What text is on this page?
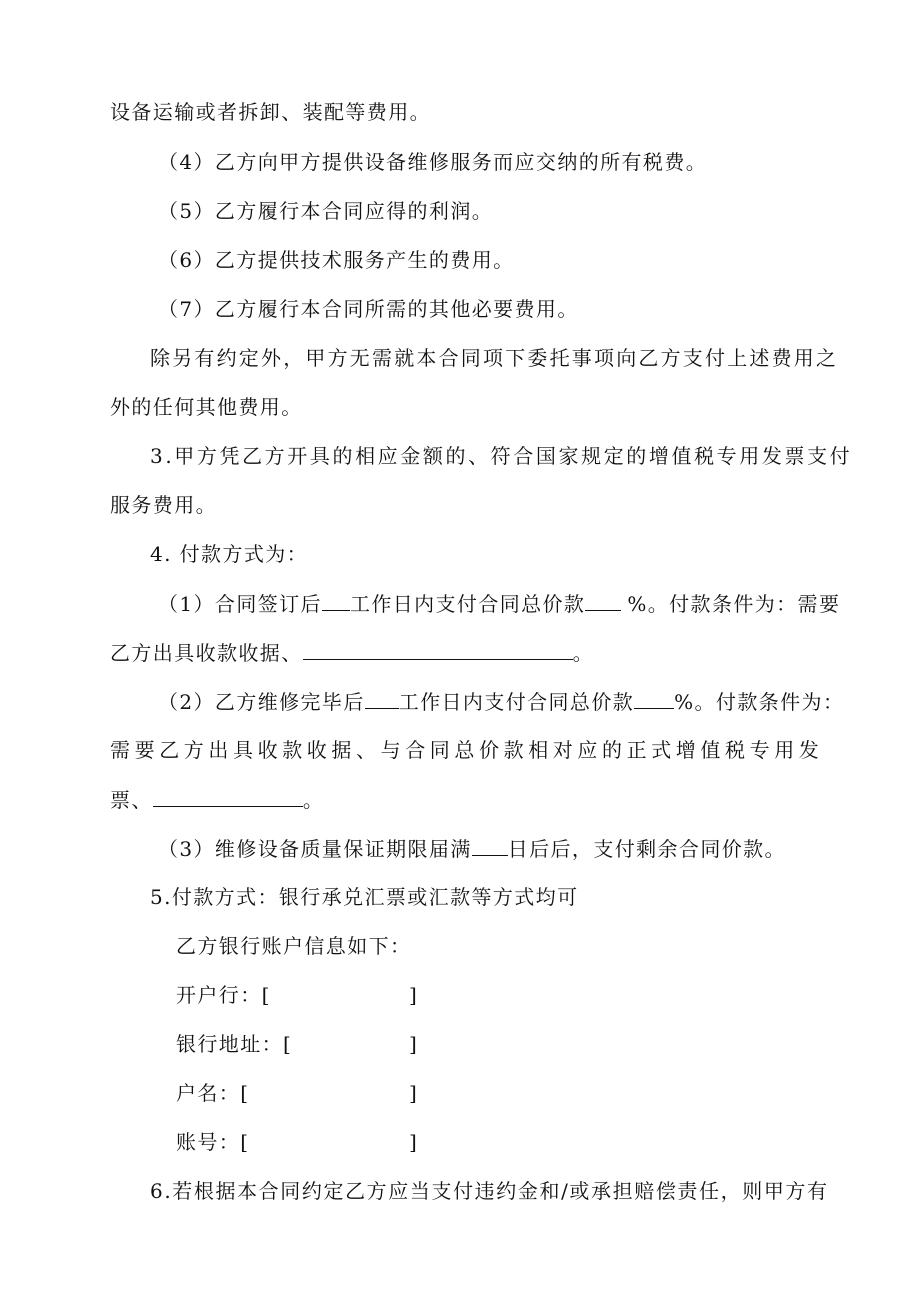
设备运输或者拆卸、装配等费用。
（4）乙方向甲方提供设备维修服务而应交纳的所有税费。
（5）乙方履行本合同应得的利润。
（6）乙方提供技术服务产生的费用。
（7）乙方履行本合同所需的其他必要费用。
除另有约定外，甲方无需就本合同项下委托事项向乙方支付上述费用之
外的任何其他费用。
3.甲方凭乙方开具的相应金额的、符合国家规定的增值税专用发票支付
服务费用。
4. 付款方式为：
（1）合同签订后 工作日内支付合同总价款 %。付款条件为：需要
乙方出具收款收据、	。
（2）乙方维修完毕后 工作日内支付合同总价款 %。付款条件为：
需要乙方出具收款收据、与合同总价款相对应的正式增值税专用发
票、	。
（3）维修设备质量保证期限届满 日后后，支付剩余合同价款。
5.付款方式：银行承兑汇票或汇款等方式均可
乙方银行账户信息如下：
开户行：[	]
银行地址：[	]
户名：[	]
账号：[	]
6.若根据本合同约定乙方应当支付违约金和/或承担赔偿责任，则甲方有
